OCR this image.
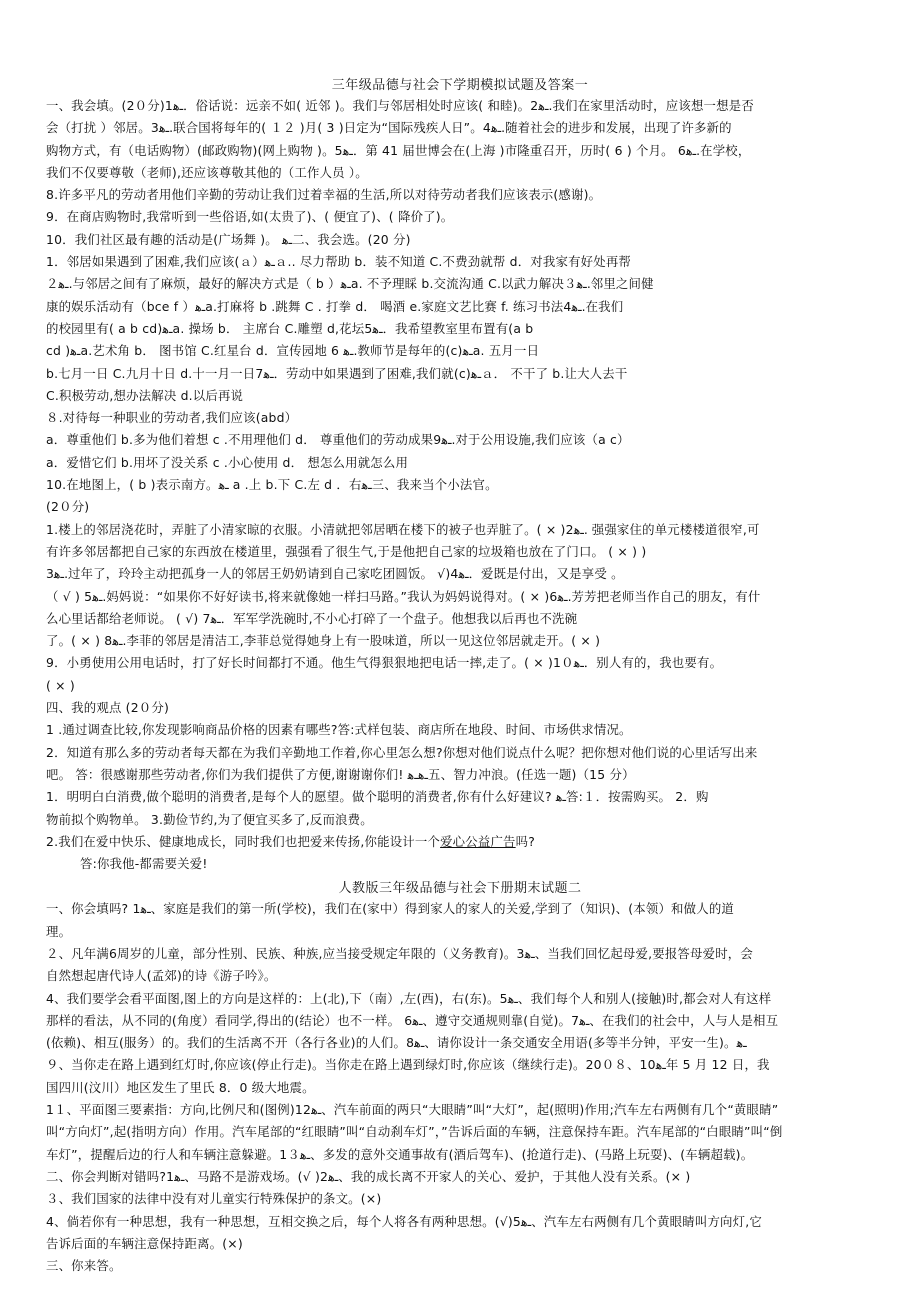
三年级品德与社会下学期模拟试题及答案一
一、我会填。(2０分)1ـﻫ．俗话说：远亲不如( 近邻 )。我们与邻居相处时应该( 和睦)。2ـﻫ.我们在家里活动时，应该想一想是否
会（打扰 ）邻居。3ـﻫ.联合国将每年的( １２ )月( 3 )日定为“国际残疾人日”。4ـﻫ.随着社会的进步和发展，出现了许多新的
购物方式，有（电话购物）(邮政购物)(网上购物 )。5ـﻫ．第 41 届世博会在(上海 )市隆重召开，历时( 6 ) 个月。 6ـﻫ.在学校，
我们不仅要尊敬（老师),还应该尊敬其他的（工作人员 ）。
8.许多平凡的劳动者用他们辛勤的劳动让我们过着幸福的生活,所以对待劳动者我们应该表示(感谢)。
9．在商店购物时,我常听到一些俗语,如(太贵了)、( 便宜了)、( 降价了)。
10．我们社区最有趣的活动是(广场舞 )。 ـﻫ二、我会选。(20 分)
1．邻居如果遇到了困难,我们应该(ａ）ـﻫａ.. 尽力帮助 b．装不知道 C.不费劲就帮 d．对我家有好处再帮
２ـﻫ.与邻居之间有了麻烦，最好的解决方式是（ b ）ـﻫa. 不予理睬 b.交流沟通 C.以武力解决３ـﻫ.邻里之间健
康的娱乐活动有（bce f ）ـﻫa.打麻将 b .跳舞 C . 打拳 d． 喝酒 e.家庭文艺比赛 f. 练习书法4ـﻫ.在我们
的校园里有( a b cd)ـﻫa. 操场 b． 主席台 C.雕塑 d,花坛5ـﻫ．我希望教室里布置有(a b
cd )ـﻫa.艺术角 b． 图书馆 C.红星台 d．宣传园地 6 ـﻫ.教师节是每年的(c)ـﻫa. 五月一日
b.七月一日 C.九月十日 d.十一月一日7ـﻫ．劳动中如果遇到了困难,我们就(c)ـﻫａ． 不干了 b.让大人去干
C.积极劳动,想办法解决 d.以后再说
８.对待每一种职业的劳动者,我们应该(abd）
a．尊重他们 b.多为他们着想 c .不用理他们 d． 尊重他们的劳动成果9ـﻫ.对于公用设施,我们应该（a c）
a．爱惜它们 b.用坏了没关系 c .小心使用 d． 想怎么用就怎么用
10.在地图上，( b )表示南方。ـﻫ a .上 b.下 C.左 d ．右ـﻫ三、我来当个小法官。
(2０分)
1.楼上的邻居浇花时，弄脏了小清家晾的衣服。小清就把邻居晒在楼下的被子也弄脏了。( × )2ـﻫ. 强强家住的单元楼楼道很窄,可
有许多邻居都把自己家的东西放在楼道里，强强看了很生气,于是他把自己家的垃圾箱也放在了门口。 ( × ) )
3ـﻫ.过年了，玲玲主动把孤身一人的邻居王奶奶请到自己家吃团圆饭。 √)4ـﻫ．爱既是付出，又是享受 。
（ √ ) 5ـﻫ.妈妈说：“如果你不好好读书,将来就像她一样扫马路。”我认为妈妈说得对。( × )6ـﻫ.芳芳把老师当作自己的朋友，有什
么心里话都给老师说。 ( √) 7ـﻫ．军军学洗碗时,不小心打碎了一个盘子。他想我以后再也不洗碗
了。( × ) 8ـﻫ.李菲的邻居是清洁工,李菲总觉得她身上有一股味道，所以一见这位邻居就走开。( × )
9．小勇使用公用电话时，打了好长时间都打不通。他生气得狠狠地把电话一摔,走了。( × )1０ـﻫ．别人有的，我也要有。
( × )
四、我的观点 (2０分)
1 .通过调查比较,你发现影响商品价格的因素有哪些?答:式样包装、商店所在地段、时间、市场供求情况。
2．知道有那么多的劳动者每天都在为我们辛勤地工作着,你心里怎么想?你想对他们说点什么呢？把你想对他们说的心里话写出来
吧。 答：很感谢那些劳动者,你们为我们提供了方便,谢谢谢你们! ـﻫـﻫ五、智力冲浪。(任选一题)（15 分）
1．明明白白消费,做个聪明的消费者,是每个人的愿望。做个聪明的消费者,你有什么好建议? ـﻫ答:１．按需购买。 2．购
物前拟个购物单。 3.勤俭节约,为了便宜买多了,反而浪费。
2.我们在爱中快乐、健康地成长，同时我们也把爱来传扬,你能设计一个爱心公益广告吗?
答:你我他-都需要关爱!
人教版三年级品德与社会下册期末试题二
一、你会填吗? 1ـﻫ、家庭是我们的第一所(学校)，我们在(家中）得到家人的家人的关爱,学到了（知识)、(本领）和做人的道
理。
２、凡年满6周岁的儿童，部分性别、民族、种族,应当接受规定年限的（义务教育)。3ـﻫ、当我们回忆起母爱,要报答母爱时，会
自然想起唐代诗人(孟郊)的诗《游子吟》。
4、我们要学会看平面图,图上的方向是这样的：上(北),下（南）,左(西)，右(东)。5ـﻫ、我们每个人和别人(接触)时,都会对人有这样
那样的看法，从不同的(角度）看同学,得出的(结论）也不一样。 6ـﻫ、遵守交通规则靠(自觉)。7ـﻫ、在我们的社会中，人与人是相互
(依赖)、相互(服务）的。我们的生活离不开（各行各业)的人们。8ـﻫ、请你设计一条交通安全用语(多等半分钟，平安一生)。ـﻫ
９、当你走在路上遇到红灯时,你应该(停止行走)。当你走在路上遇到绿灯时,你应该（继续行走)。20０８、10ـﻫ年 5 月 12 日，我
国四川(汶川）地区发生了里氏 8．0 级大地震。
1１、平面图三要素指：方向,比例尺和(图例)12ـﻫ、汽车前面的两只“大眼睛”叫“大灯”，起(照明)作用;汽车左右两侧有几个“黄眼睛”
叫“方向灯”,起(指明方向）作用。汽车尾部的“红眼睛”叫“自动刹车灯”，”告诉后面的车辆，注意保持车距。汽车尾部的“白眼睛”叫“倒
车灯”，提醒后边的行人和车辆注意躲避。1３ـﻫ、多发的意外交通事故有(酒后驾车)、(抢道行走)、(马路上玩耍)、(车辆超载)。
二、你会判断对错吗?1ـﻫ、马路不是游戏场。(√ )2ـﻫ、我的成长离不开家人的关心、爱护，于其他人没有关系。(× )
３、我们国家的法律中没有对儿童实行特殊保护的条文。(×)
4、倘若你有一种思想，我有一种思想，互相交换之后，每个人将各有两种思想。(√)5ـﻫ、汽车左右两侧有几个黄眼睛叫方向灯,它
告诉后面的车辆注意保持距离。(×)
三、你来答。
